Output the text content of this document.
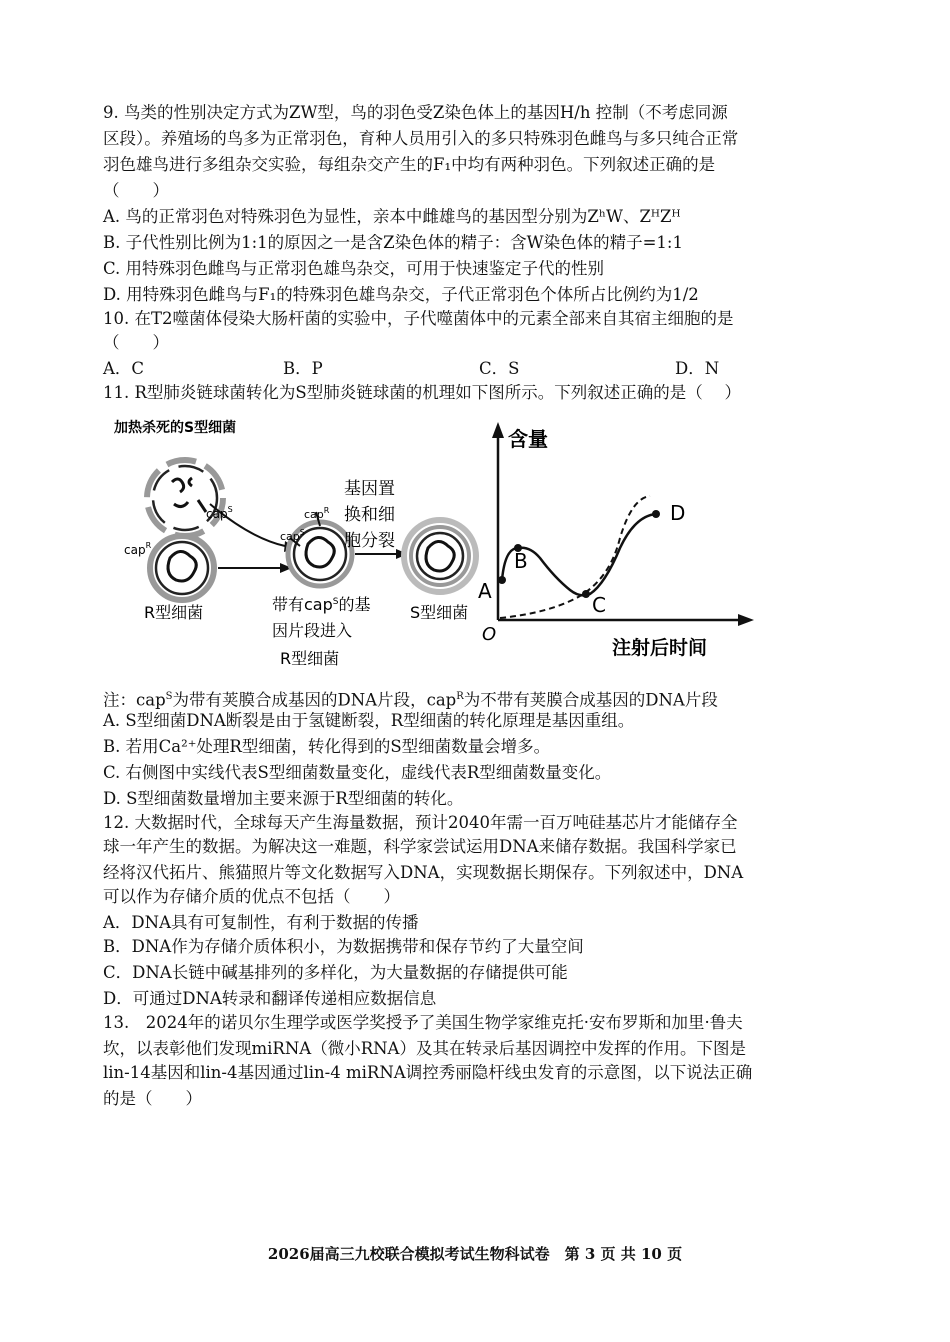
9. 鸟类的性别决定方式为ZW型，鸟的羽色受Z染色体上的基因H/h 控制（不考虑同源
区段）。养殖场的鸟多为正常羽色，育种人员用引入的多只特殊羽色雌鸟与多只纯合正常
羽色雄鸟进行多组杂交实验，每组杂交产生的F₁中均有两种羽色。下列叙述正确的是
（　　）
A. 鸟的正常羽色对特殊羽色为显性，亲本中雌雄鸟的基因型分别为ZʰW、ZᴴZᴴ
B. 子代性别比例为1:1的原因之一是含Z染色体的精子：含W染色体的精子=1:1
C. 用特殊羽色雌鸟与正常羽色雄鸟杂交，可用于快速鉴定子代的性别
D. 用特殊羽色雌鸟与F₁的特殊羽色雄鸟杂交，子代正常羽色个体所占比例约为1/2
10. 在T2噬菌体侵染大肠杆菌的实验中，子代噬菌体中的元素全部来自其宿主细胞的是
（　　）
A．C	B．P	C．S	D．N
11. R型肺炎链球菌转化为S型肺炎链球菌的机理如下图所示。下列叙述正确的是（　 ）
加热杀死的S型细菌
cap$^S$
cap$^R$
cap$^S$
cap$^R$
R型细菌
基因置
换和细
胞分裂
带有cap$^S$的基
因片段进入
R型细菌
S型细菌
含量
注射后时间
O
A
B
C
D
注：cap$^S$为带有荚膜合成基因的DNA片段，cap$^R$为不带有荚膜合成基因的DNA片段
A. S型细菌DNA断裂是由于氢键断裂，R型细菌的转化原理是基因重组。
B. 若用Ca²⁺处理R型细菌，转化得到的S型细菌数量会增多。
C. 右侧图中实线代表S型细菌数量变化，虚线代表R型细菌数量变化。
D. S型细菌数量增加主要来源于R型细菌的转化。
12. 大数据时代，全球每天产生海量数据，预计2040年需一百万吨硅基芯片才能储存全
球一年产生的数据。为解决这一难题，科学家尝试运用DNA来储存数据。我国科学家已
经将汉代拓片、熊猫照片等文化数据写入DNA，实现数据长期保存。下列叙述中，DNA
可以作为存储介质的优点不包括（　　）
A．DNA具有可复制性，有利于数据的传播
B．DNA作为存储介质体积小，为数据携带和保存节约了大量空间
C．DNA长链中碱基排列的多样化，为大量数据的存储提供可能
D．可通过DNA转录和翻译传递相应数据信息
13.　2024年的诺贝尔生理学或医学奖授予了美国生物学家维克托·安布罗斯和加里·鲁夫
坎，以表彰他们发现miRNA（微小RNA）及其在转录后基因调控中发挥的作用。下图是
lin-14基因和lin-4基因通过lin-4 miRNA调控秀丽隐杆线虫发育的示意图，以下说法正确
的是（　　）
2026届高三九校联合模拟考试生物科试卷　第 3 页 共 10 页
